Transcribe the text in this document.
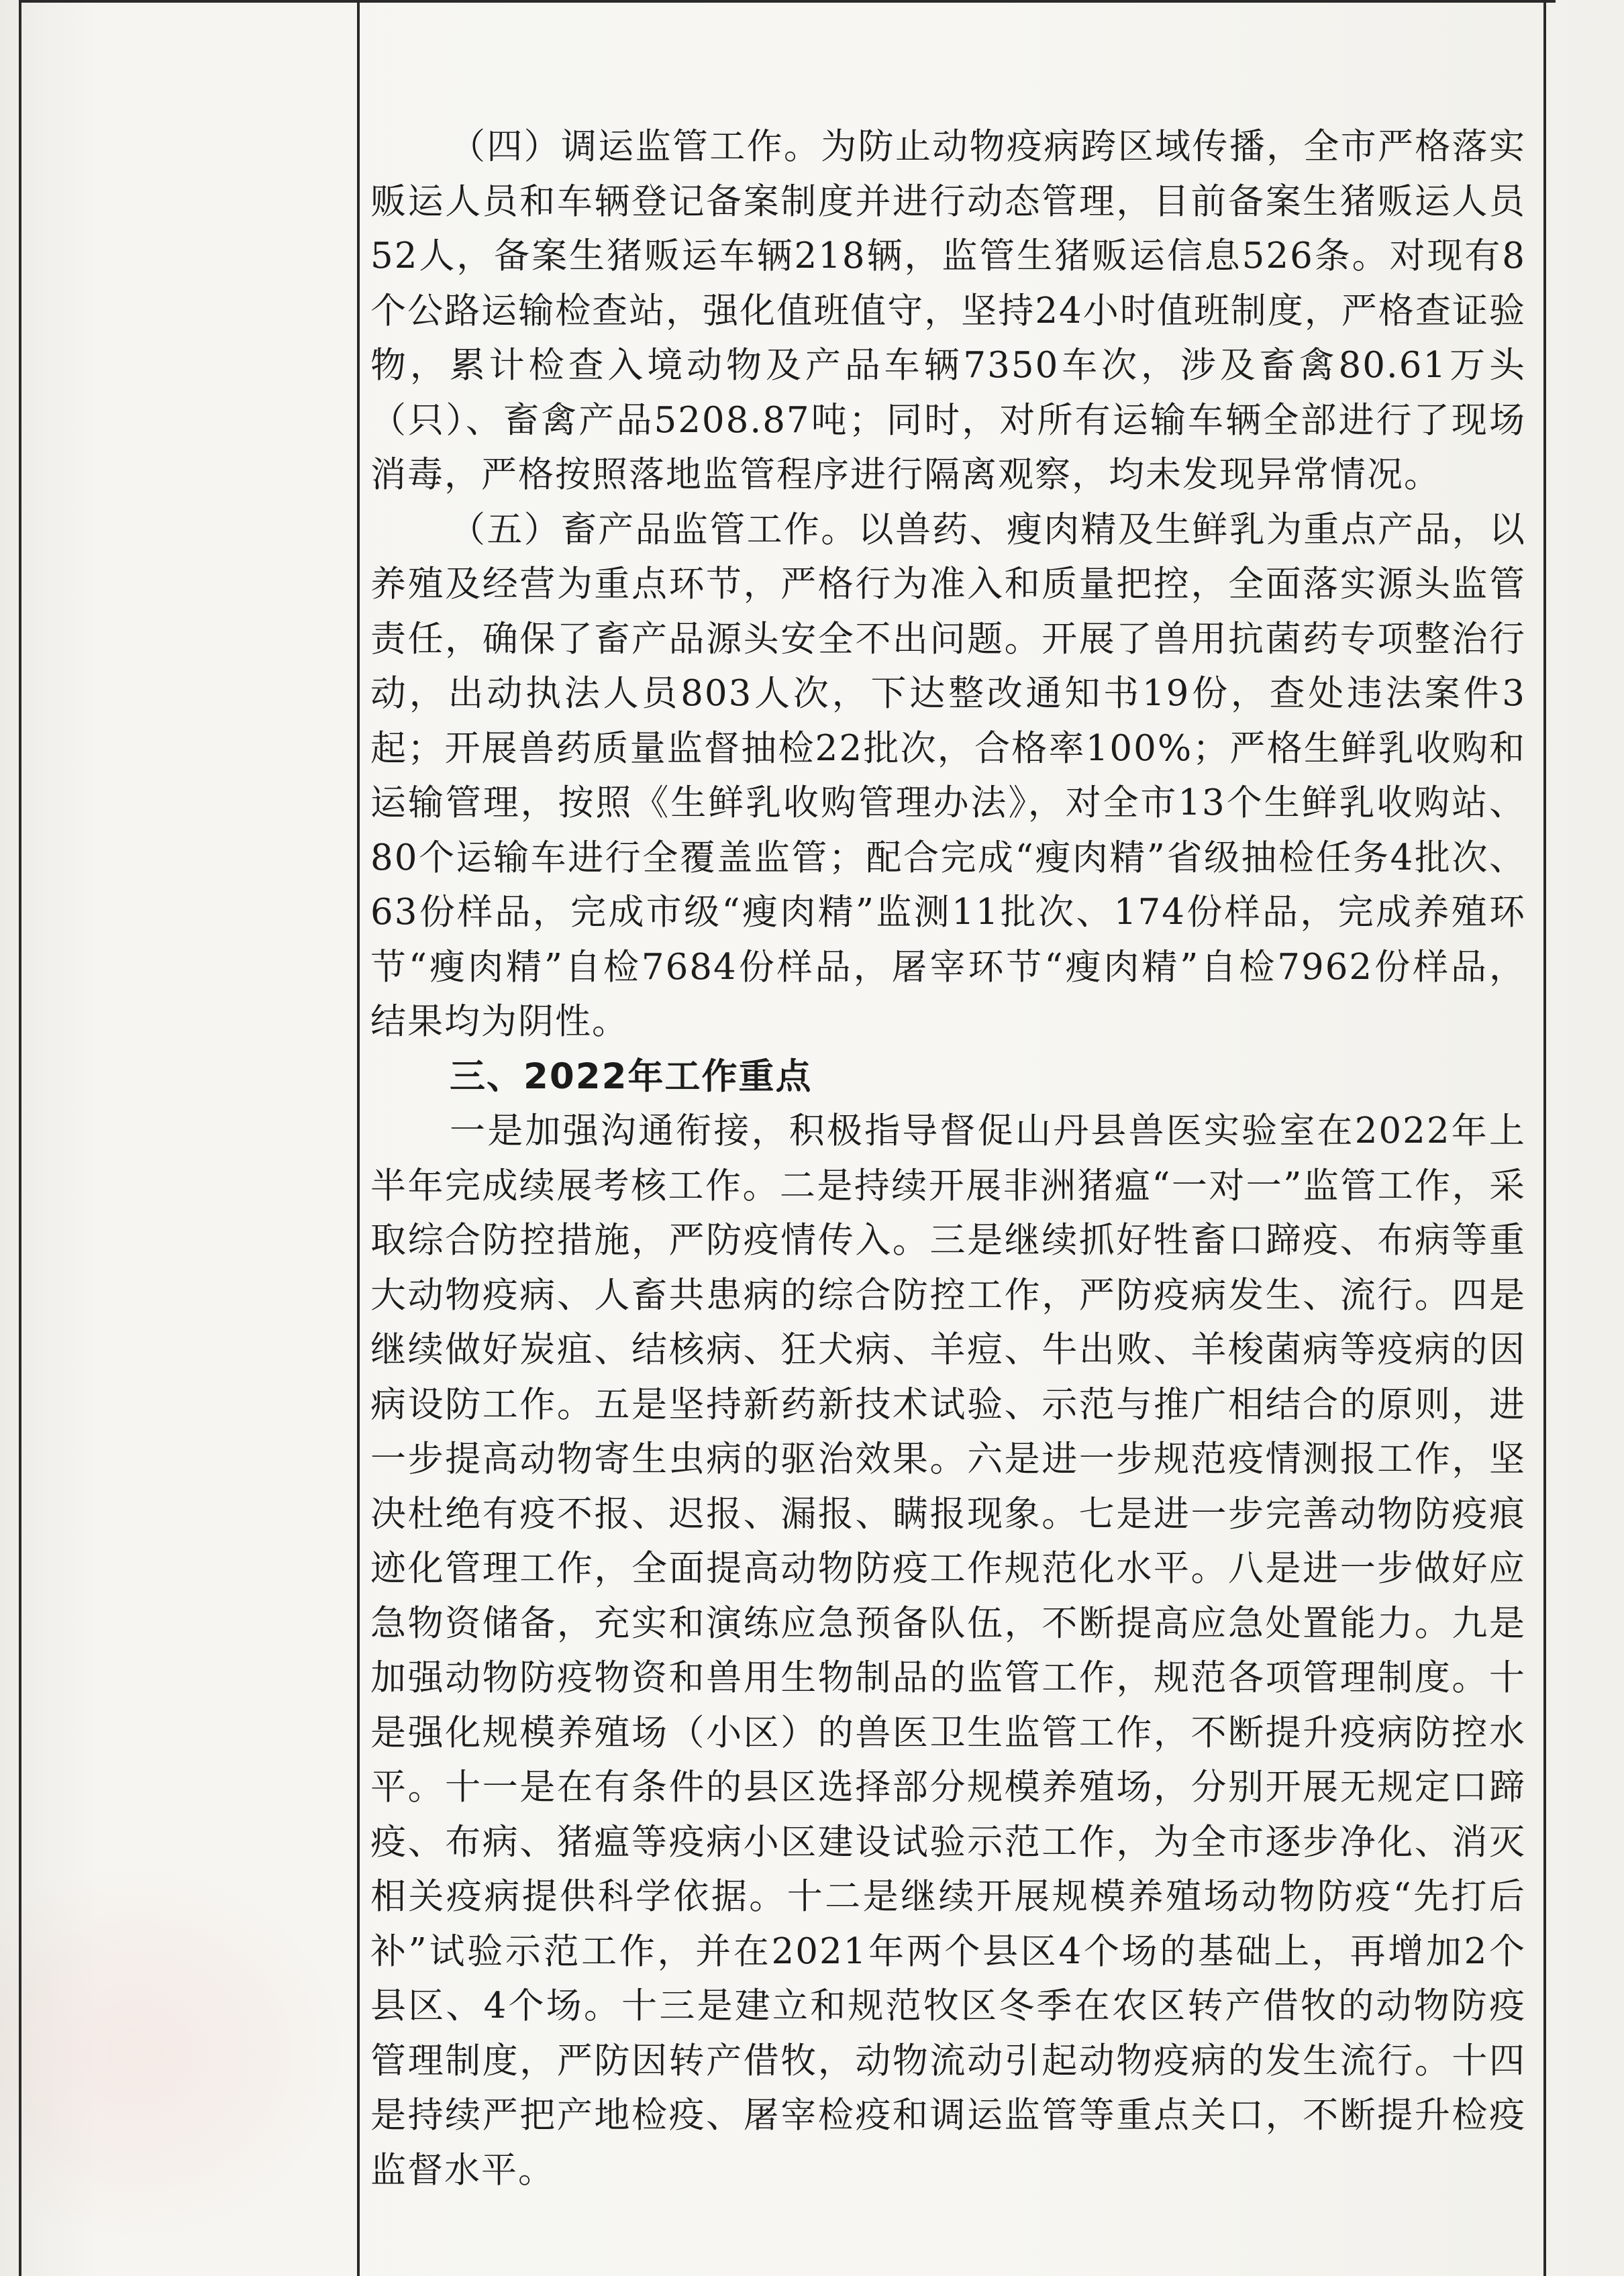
（四）调运监管工作。为防止动物疫病跨区域传播，全市严格落实贩运人员和车辆登记备案制度并进行动态管理，目前备案生猪贩运人员52人，备案生猪贩运车辆218辆，监管生猪贩运信息526条。对现有8个公路运输检查站，强化值班值守，坚持24小时值班制度，严格查证验物，累计检查入境动物及产品车辆7350车次，涉及畜禽80.61万头（只）、畜禽产品5208.87吨；同时，对所有运输车辆全部进行了现场消毒，严格按照落地监管程序进行隔离观察，均未发现异常情况。

（五）畜产品监管工作。以兽药、瘦肉精及生鲜乳为重点产品，以养殖及经营为重点环节，严格行为准入和质量把控，全面落实源头监管责任，确保了畜产品源头安全不出问题。开展了兽用抗菌药专项整治行动，出动执法人员803人次，下达整改通知书19份，查处违法案件3起；开展兽药质量监督抽检22批次，合格率100%；严格生鲜乳收购和运输管理，按照《生鲜乳收购管理办法》，对全市13个生鲜乳收购站、80个运输车进行全覆盖监管；配合完成“瘦肉精”省级抽检任务4批次、63份样品，完成市级“瘦肉精”监测11批次、174份样品，完成养殖环节“瘦肉精”自检7684份样品，屠宰环节“瘦肉精”自检7962份样品，结果均为阴性。

三、2022年工作重点

一是加强沟通衔接，积极指导督促山丹县兽医实验室在2022年上半年完成续展考核工作。二是持续开展非洲猪瘟“一对一”监管工作，采取综合防控措施，严防疫情传入。三是继续抓好牲畜口蹄疫、布病等重大动物疫病、人畜共患病的综合防控工作，严防疫病发生、流行。四是继续做好炭疽、结核病、狂犬病、羊痘、牛出败、羊梭菌病等疫病的因病设防工作。五是坚持新药新技术试验、示范与推广相结合的原则，进一步提高动物寄生虫病的驱治效果。六是进一步规范疫情测报工作，坚决杜绝有疫不报、迟报、漏报、瞒报现象。七是进一步完善动物防疫痕迹化管理工作，全面提高动物防疫工作规范化水平。八是进一步做好应急物资储备，充实和演练应急预备队伍，不断提高应急处置能力。九是加强动物防疫物资和兽用生物制品的监管工作，规范各项管理制度。十是强化规模养殖场（小区）的兽医卫生监管工作，不断提升疫病防控水平。十一是在有条件的县区选择部分规模养殖场，分别开展无规定口蹄疫、布病、猪瘟等疫病小区建设试验示范工作，为全市逐步净化、消灭相关疫病提供科学依据。十二是继续开展规模养殖场动物防疫“先打后补”试验示范工作，并在2021年两个县区4个场的基础上，再增加2个县区、4个场。十三是建立和规范牧区冬季在农区转产借牧的动物防疫管理制度，严防因转产借牧，动物流动引起动物疫病的发生流行。十四是持续严把产地检疫、屠宰检疫和调运监管等重点关口，不断提升检疫监督水平。
